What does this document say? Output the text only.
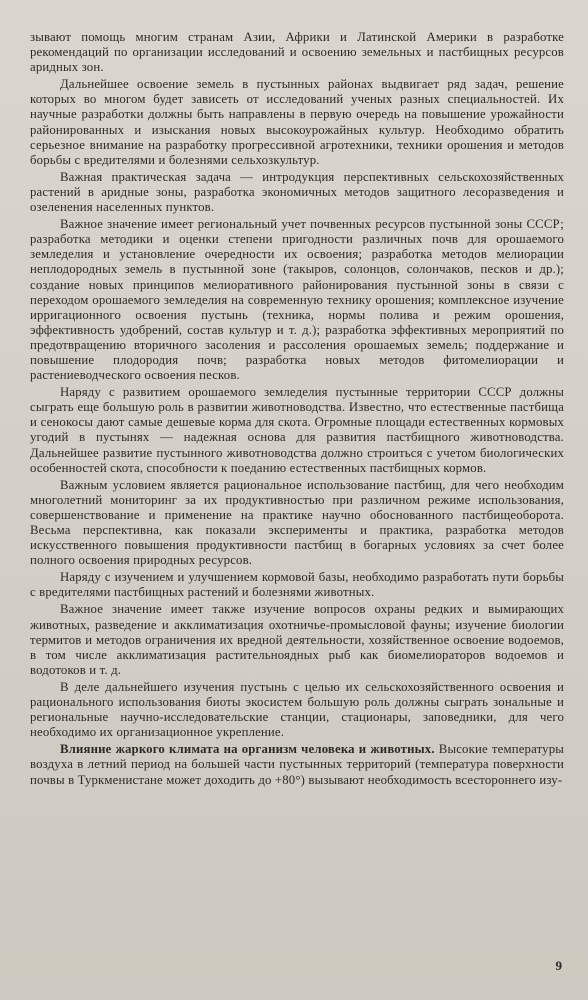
зывают помощь многим странам Азии, Африки и Латинской Америки в разработке рекомендаций по организации исследований и освоению земельных и пастбищных ресурсов аридных зон.

Дальнейшее освоение земель в пустынных районах выдвигает ряд задач, решение которых во многом будет зависеть от исследований ученых разных специальностей. Их научные разработки должны быть направлены в первую очередь на повышение урожайности районированных и изыскания новых высокоурожайных культур. Необходимо обратить серьезное внимание на разработку прогрессивной агротехники, техники орошения и методов борьбы с вредителями и болезнями сельхозкультур.

Важная практическая задача — интродукция перспективных сельскохозяйственных растений в аридные зоны, разработка экономичных методов защитного лесоразведения и озеленения населенных пунктов.

Важное значение имеет региональный учет почвенных ресурсов пустынной зоны СССР; разработка методики и оценки степени пригодности различных почв для орошаемого земледелия и установление очередности их освоения; разработка методов мелиорации неплодородных земель в пустынной зоне (такыров, солонцов, солончаков, песков и др.); создание новых принципов мелиоративного районирования пустынной зоны в связи с переходом орошаемого земледелия на современную технику орошения; комплексное изучение ирригационного освоения пустынь (техника, нормы полива и режим орошения, эффективность удобрений, состав культур и т. д.); разработка эффективных мероприятий по предотвращению вторичного засоления и рассоления орошаемых земель; поддержание и повышение плодородия почв; разработка новых методов фитомелиорации и растениеводческого освоения песков.

Наряду с развитием орошаемого земледелия пустынные территории СССР должны сыграть еще большую роль в развитии животноводства. Известно, что естественные пастбища и сенокосы дают самые дешевые корма для скота. Огромные площади естественных кормовых угодий в пустынях — надежная основа для развития пастбищного животноводства. Дальнейшее развитие пустынного животноводства должно строиться с учетом биологических особенностей скота, способности к поеданию естественных пастбищных кормов.

Важным условием является рациональное использование пастбищ, для чего необходим многолетний мониторинг за их продуктивностью при различном режиме использования, совершенствование и применение на практике научно обоснованного пастбищеоборота. Весьма перспективна, как показали эксперименты и практика, разработка методов искусственного повышения продуктивности пастбищ в богарных условиях за счет более полного освоения природных ресурсов.

Наряду с изучением и улучшением кормовой базы, необходимо разработать пути борьбы с вредителями пастбищных растений и болезнями животных.

Важное значение имеет также изучение вопросов охраны редких и вымирающих животных, разведение и акклиматизация охотничье-промысловой фауны; изучение биологии термитов и методов ограничения их вредной деятельности, хозяйственное освоение водоемов, в том числе акклиматизация растительноядных рыб как биомелиораторов водоемов и водотоков и т. д.

В деле дальнейшего изучения пустынь с целью их сельскохозяйственного освоения и рационального использования биоты экосистем большую роль должны сыграть зональные и региональные научно-исследовательские станции, стационары, заповедники, для чего необходимо их организационное укрепление.

Влияние жаркого климата на организм человека и животных. Высокие температуры воздуха в летний период на большей части пустынных территорий (температура поверхности почвы в Туркменистане может доходить до +80°) вызывают необходимость всестороннего изу-

9
